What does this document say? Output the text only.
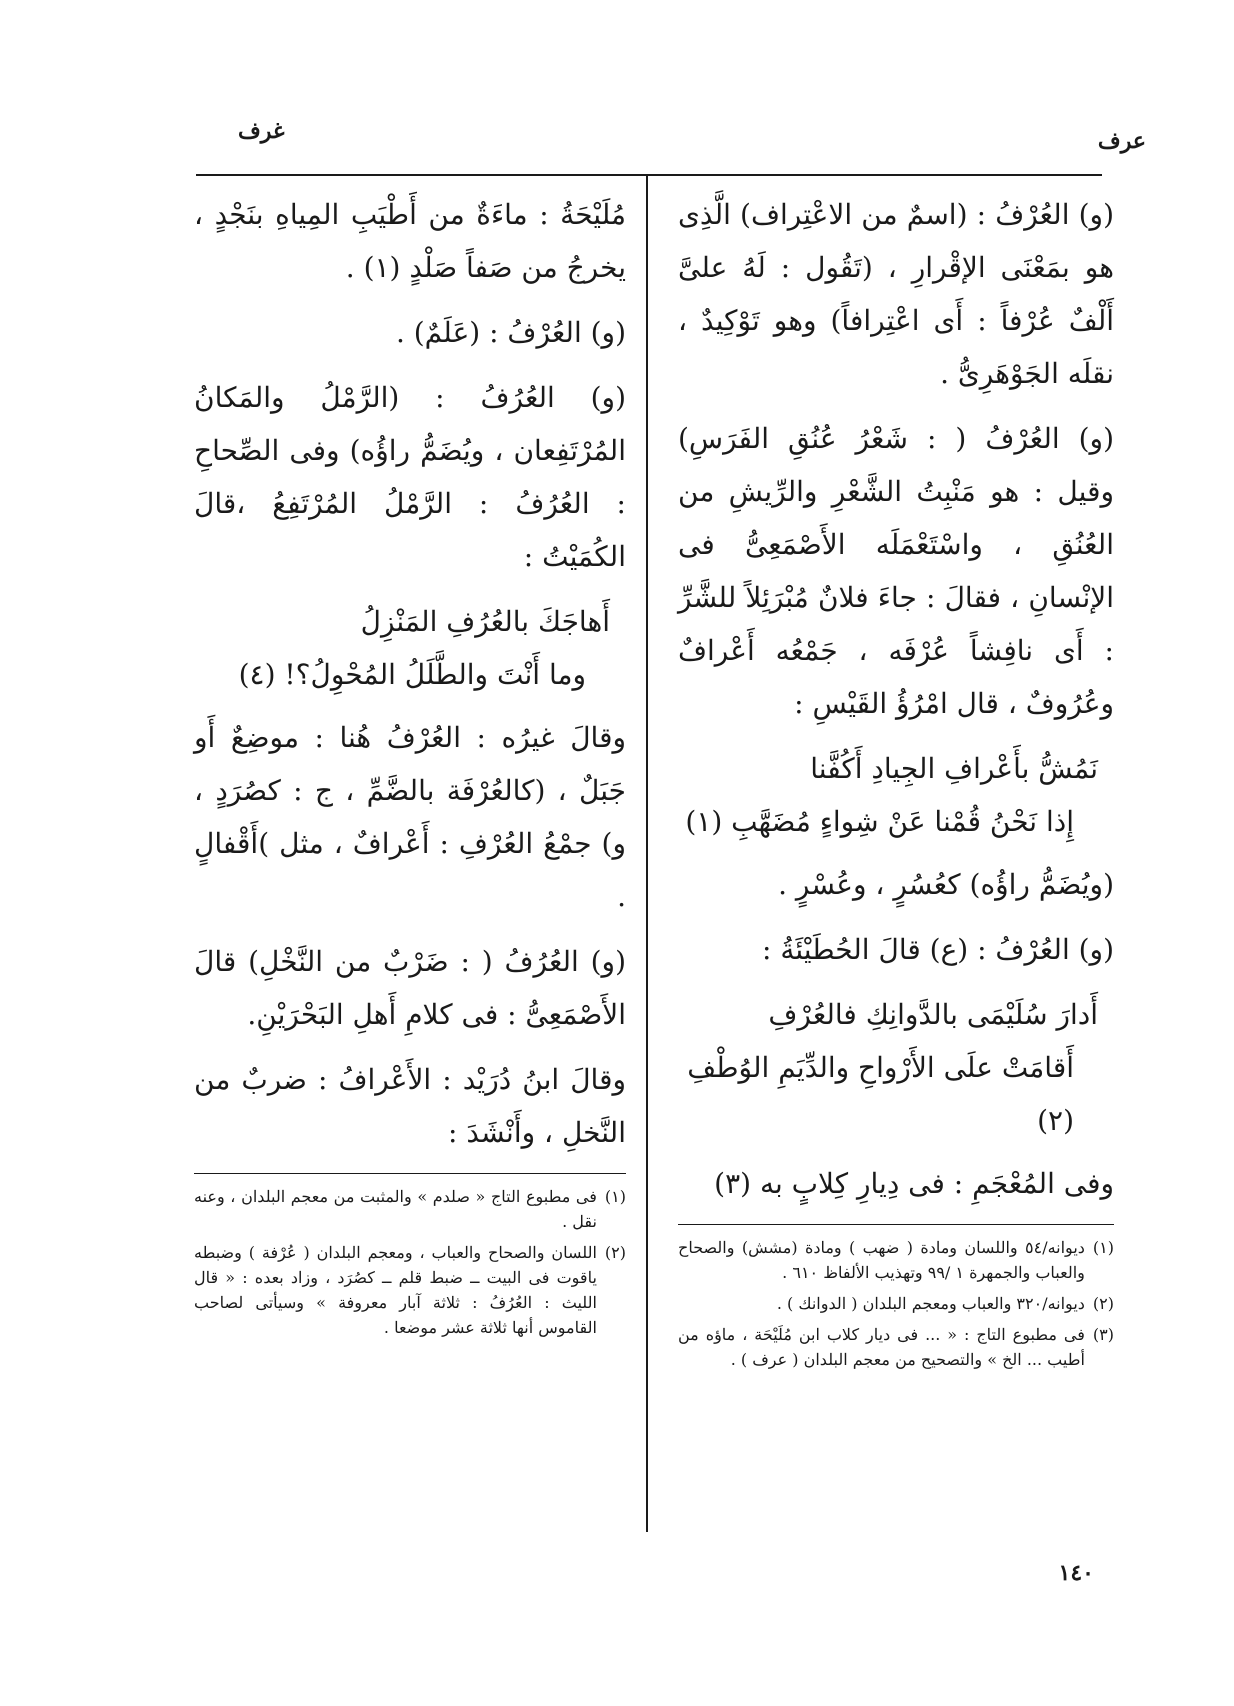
عرف
غرف

(و) العُرْفُ : (اسمٌ من الاعْتِراف) الَّذِى هو بمَعْنَى الإقْرارِ ، (تَقُول : لَهُ علىَّ أَلْفٌ عُرْفاً : أَى اعْتِرافاً) وهو تَوْكِيدٌ ، نقلَه الجَوْهَرِىُّ .

(و) العُرْفُ ( : شَعْرُ عُنُقِ الفَرَسِ) وقيل : هو مَنْبِتُ الشَّعْرِ والرِّيشِ من العُنُقِ ، واسْتَعْمَلَه الأَصْمَعِىُّ فى الإنْسانِ ، فقالَ : جاءَ فلانٌ مُبْرَئِلاً للشَّرِّ : أَى نافِشاً عُرْفَه ، جَمْعُه أَعْرافٌ وعُرُوفٌ ، قال امْرُؤُ القَيْسِ :

نَمُشُّ بأَعْرافِ الجِيادِ أَكُفَّنا
إِذا نَحْنُ قُمْنا عَنْ شِواءٍ مُضَهَّبِ (١)

(ويُضَمُّ راؤُه) كعُسُرٍ ، وعُسْرٍ .

(و) العُرْفُ : (ع) قالَ الحُطَيْئَةُ :

أَدارَ سُلَيْمَى بالدَّوانِكِ فالعُرْفِ
أَقامَتْ علَى الأَرْواحِ والدِّيَمِ الوُطْفِ (٢)

وفى المُعْجَمِ : فى دِيارِ كِلابٍ به (٣)

(١)
ديوانه/٥٤ واللسان ومادة ( ضهب ) ومادة (مشش) والصحاح والعباب والجمهرة ١ /٩٩ وتهذيب الألفاظ ٦١٠ .
(٢)
ديوانه/٣٢٠ والعباب ومعجم البلدان ( الدوانك ) .
(٣)
فى مطبوع التاج : « ... فى ديار كلاب ابن مُلَيْحَة ، ماؤه من أطيب ... الخ » والتصحيح من معجم البلدان ( عرف ) .

مُلَيْحَةُ : ماءَةٌ من أَطْيَبِ المِياهِ بنَجْدٍ ، يخرجُ من صَفاً صَلْدٍ (١) .

(و) العُرْفُ : (عَلَمٌ) .

(و) العُرُفُ : (الرَّمْلُ والمَكانُ المُرْتَفِعان ، ويُضَمُّ راؤُه) وفى الصِّحاحِ : العُرُفُ : الرَّمْلُ المُرْتَفِعُ ،قالَ الكُمَيْتُ :

أَهاجَكَ بالعُرُفِ المَنْزِلُ
وما أَنْتَ والطَّلَلُ المُحْوِلُ؟! (٤)

وقالَ غيرُه : العُرْفُ هُنا : موضِعٌ أَو جَبَلٌ ، (كالعُرْفَة بالضَّمِّ ، ج : كصُرَدٍ ، و) جمْعُ العُرْفِ : أَعْرافٌ ، مثل )أَقْفالٍ .

(و) العُرُفُ ( : ضَرْبٌ من النَّخْلِ) قالَ الأَصْمَعِىُّ : فى كلامِ أَهلِ البَحْرَيْنِ.

وقالَ ابنُ دُرَيْد : الأَعْرافُ : ضربٌ من النَّخلِ ، وأَنْشَدَ :

(١)
فى مطبوع التاج « صلدم » والمثبت من معجم البلدان ، وعنه نقل .
(٢)
اللسان والصحاح والعباب ، ومعجم البلدان ( عُرْفة ) وضبطه ياقوت فى البيت ــ ضبط قلم ــ كصُرَد ، وزاد بعده : « قال الليث : العُرُفُ : ثلاثة آبار معروفة » وسيأتى لصاحب القاموس أنها ثلاثة عشر موضعا .
١٤٠
